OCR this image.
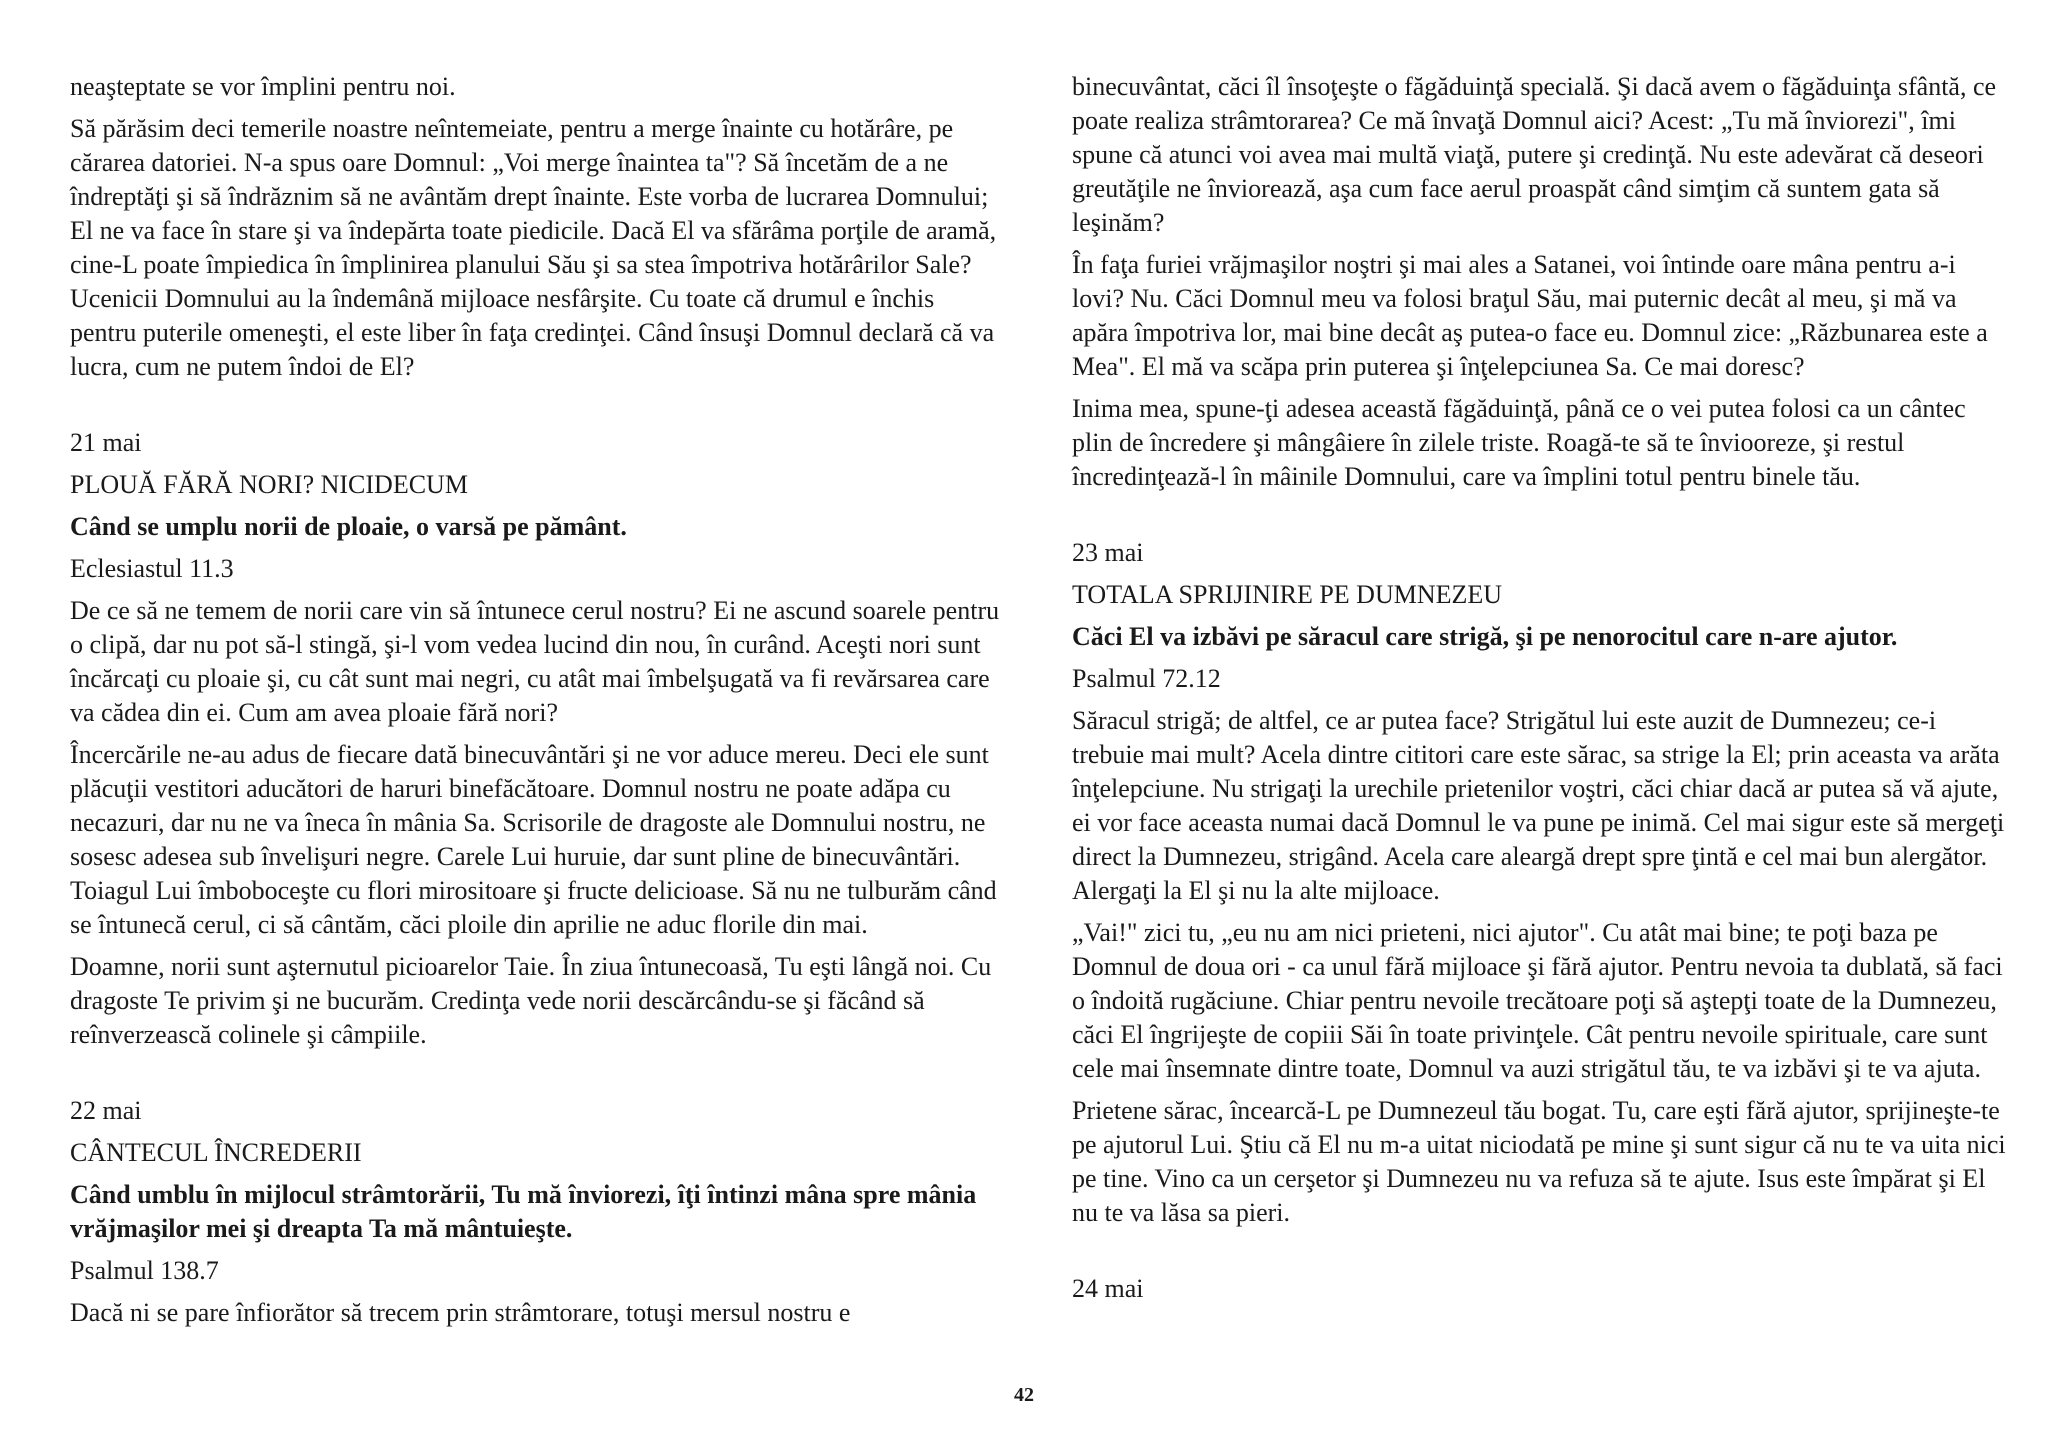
neaşteptate se vor împlini pentru noi.

Să părăsim deci temerile noastre neîntemeiate, pentru a merge înainte cu hotărâre, pe cărarea datoriei. N-a spus oare Domnul: „Voi merge înaintea ta"? Să încetăm de a ne îndreptăţi şi să îndrăznim să ne avântăm drept înainte. Este vorba de lucrarea Domnului; El ne va face în stare şi va îndepărta toate piedicile. Dacă El va sfărâma porţile de aramă, cine-L poate împiedica în împlinirea planului Său şi sa stea împotriva hotărârilor Sale? Ucenicii Domnului au la îndemână mijloace nesfârşite. Cu toate că drumul e închis pentru puterile omeneşti, el este liber în faţa credinţei. Când însuşi Domnul declară că va lucra, cum ne putem îndoi de El?

21 mai

PLOUĂ FĂRĂ NORI? NICIDECUM

Când se umplu norii de ploaie, o varsă pe pământ.

Eclesiastul 11.3

De ce să ne temem de norii care vin să întunece cerul nostru? Ei ne ascund soarele pentru o clipă, dar nu pot să-l stingă, şi-l vom vedea lucind din nou, în curând. Aceşti nori sunt încărcaţi cu ploaie şi, cu cât sunt mai negri, cu atât mai îmbelşugată va fi revărsarea care va cădea din ei. Cum am avea ploaie fără nori?

Încercările ne-au adus de fiecare dată binecuvântări şi ne vor aduce mereu. Deci ele sunt plăcuţii vestitori aducători de haruri binefăcătoare. Domnul nostru ne poate adăpa cu necazuri, dar nu ne va îneca în mânia Sa. Scrisorile de dragoste ale Domnului nostru, ne sosesc adesea sub învelişuri negre. Carele Lui huruie, dar sunt pline de binecuvântări. Toiagul Lui îmboboceşte cu flori mirositoare şi fructe delicioase. Să nu ne tulburăm când se întunecă cerul, ci să cântăm, căci ploile din aprilie ne aduc florile din mai.

Doamne, norii sunt aşternutul picioarelor Taie. În ziua întunecoasă, Tu eşti lângă noi. Cu dragoste Te privim şi ne bucurăm. Credinţa vede norii descărcându-se şi făcând să reînverzească colinele şi câmpiile.

22 mai

CÂNTECUL ÎNCREDERII

Când umblu în mijlocul strâmtorării, Tu mă înviorezi, îţi întinzi mâna spre mânia vrăjmaşilor mei şi dreapta Ta mă mântuieşte.

Psalmul 138.7

Dacă ni se pare înfiorător să trecem prin strâmtorare, totuşi mersul nostru e

binecuvântat, căci îl însoţeşte o făgăduinţă specială. Şi dacă avem o făgăduinţa sfântă, ce poate realiza strâmtorarea? Ce mă învaţă Domnul aici? Acest: „Tu mă înviorezi", îmi spune că atunci voi avea mai multă viaţă, putere şi credinţă. Nu este adevărat că deseori greutăţile ne înviorează, aşa cum face aerul proaspăt când simţim că suntem gata să leşinăm?

În faţa furiei vrăjmaşilor noştri şi mai ales a Satanei, voi întinde oare mâna pentru a-i lovi? Nu. Căci Domnul meu va folosi braţul Său, mai puternic decât al meu, şi mă va apăra împotriva lor, mai bine decât aş putea-o face eu. Domnul zice: „Răzbunarea este a Mea". El mă va scăpa prin puterea şi înţelepciunea Sa. Ce mai doresc?

Inima mea, spune-ţi adesea această făgăduinţă, până ce o vei putea folosi ca un cântec plin de încredere şi mângâiere în zilele triste. Roagă-te să te înviooreze, şi restul încredinţează-l în mâinile Domnului, care va împlini totul pentru binele tău.

23 mai

TOTALA SPRIJINIRE PE DUMNEZEU

Căci El va izbăvi pe săracul care strigă, şi pe nenorocitul care n-are ajutor.

Psalmul 72.12

Săracul strigă; de altfel, ce ar putea face? Strigătul lui este auzit de Dumnezeu; ce-i trebuie mai mult? Acela dintre cititori care este sărac, sa strige la El; prin aceasta va arăta înţelepciune. Nu strigaţi la urechile prietenilor voştri, căci chiar dacă ar putea să vă ajute, ei vor face aceasta numai dacă Domnul le va pune pe inimă. Cel mai sigur este să mergeţi direct la Dumnezeu, strigând. Acela care aleargă drept spre ţintă e cel mai bun alergător. Alergaţi la El şi nu la alte mijloace.

„Vai!" zici tu, „eu nu am nici prieteni, nici ajutor". Cu atât mai bine; te poţi baza pe Domnul de doua ori - ca unul fără mijloace şi fără ajutor. Pentru nevoia ta dublată, să faci o îndoită rugăciune. Chiar pentru nevoile trecătoare poţi să aştepţi toate de la Dumnezeu, căci El îngrijeşte de copiii Săi în toate privinţele. Cât pentru nevoile spirituale, care sunt cele mai însemnate dintre toate, Domnul va auzi strigătul tău, te va izbăvi şi te va ajuta.

Prietene sărac, încearcă-L pe Dumnezeul tău bogat. Tu, care eşti fără ajutor, sprijineşte-te pe ajutorul Lui. Ştiu că El nu m-a uitat niciodată pe mine şi sunt sigur că nu te va uita nici pe tine. Vino ca un cerşetor şi Dumnezeu nu va refuza să te ajute. Isus este împărat şi El nu te va lăsa sa pieri.

24 mai

42
